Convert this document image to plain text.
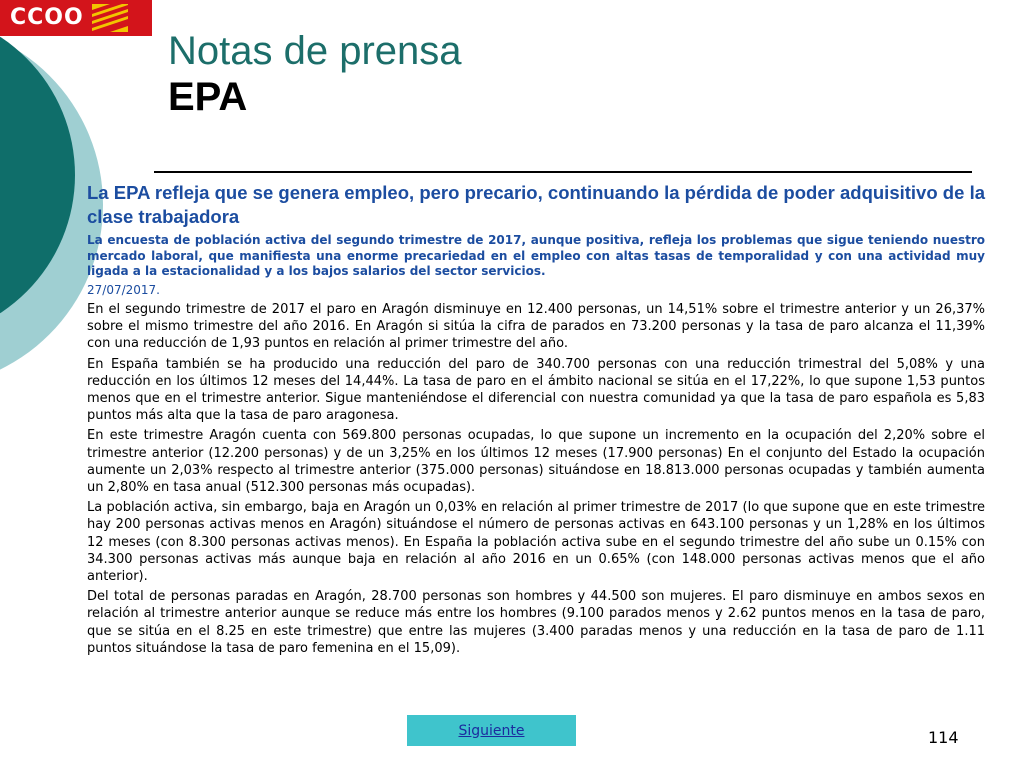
CCOO
Notas de prensa
EPA

La EPA refleja que se genera empleo, pero precario, continuando la pérdida de poder adquisitivo de la clase trabajadora

La encuesta de población activa del segundo trimestre de 2017, aunque positiva, refleja los problemas que sigue teniendo nuestro mercado laboral, que manifiesta una enorme precariedad en el empleo con altas tasas de temporalidad y con una actividad muy ligada a la estacionalidad y a los bajos salarios del sector servicios.

27/07/2017.

En el segundo trimestre de 2017 el paro en Aragón disminuye en 12.400 personas, un 14,51% sobre el trimestre anterior y un 26,37% sobre el mismo trimestre del año 2016. En Aragón si sitúa la cifra de parados en 73.200 personas y la tasa de paro alcanza el 11,39% con una reducción de 1,93 puntos en relación al primer trimestre del año.

En España también se ha producido una reducción del paro de 340.700 personas con una reducción trimestral del 5,08% y una reducción en los últimos 12 meses del 14,44%. La tasa de paro en el ámbito nacional se sitúa en el 17,22%, lo que supone 1,53 puntos menos que en el trimestre anterior. Sigue manteniéndose el diferencial con nuestra comunidad ya que la tasa de paro española es 5,83 puntos más alta que la tasa de paro aragonesa.

En este trimestre Aragón cuenta con 569.800 personas ocupadas, lo que supone un incremento en la ocupación del 2,20% sobre el trimestre anterior (12.200 personas) y de un 3,25% en los últimos 12 meses (17.900 personas) En el conjunto del Estado la ocupación aumente un 2,03% respecto al trimestre anterior (375.000 personas) situándose en 18.813.000 personas ocupadas y también aumenta un 2,80% en tasa anual (512.300 personas más ocupadas).

La población activa, sin embargo, baja en Aragón un 0,03% en relación al primer trimestre de 2017 (lo que supone que en este trimestre hay 200 personas activas menos en Aragón) situándose el número de personas activas en 643.100 personas y un 1,28% en los últimos 12 meses (con 8.300 personas activas menos). En España la población activa sube en el segundo trimestre del año sube un 0.15% con 34.300 personas activas más aunque baja en relación al año 2016 en un 0.65% (con 148.000 personas activas menos que el año anterior).

Del total de personas paradas en Aragón, 28.700 personas son hombres y 44.500 son mujeres. El paro disminuye en ambos sexos en relación al trimestre anterior aunque se reduce más entre los hombres (9.100 parados menos y 2.62 puntos menos en la tasa de paro, que se sitúa en el 8.25 en este trimestre) que entre las mujeres (3.400 paradas menos y una reducción en la tasa de paro de 1.11 puntos situándose la tasa de paro femenina en el 15,09).

Siguiente	114
